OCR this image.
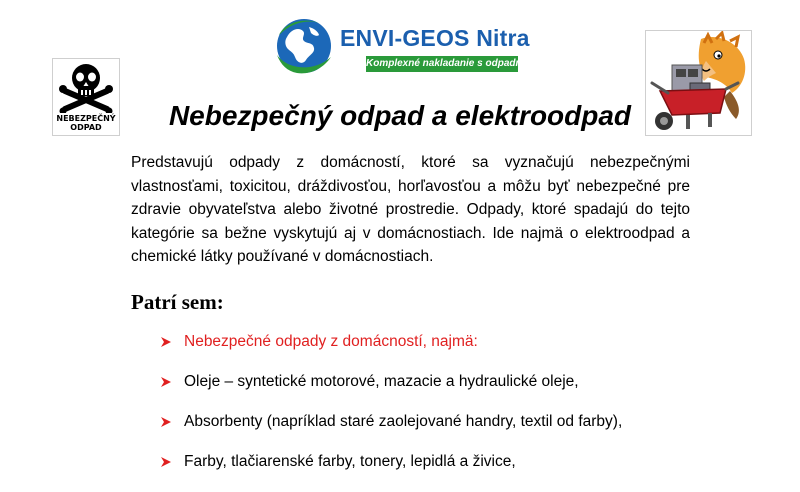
ENVI-GEOS Nitra
Komplexné nakladanie s odpadmi
NEBEZPEČNÝ
ODPAD	Nebezpečný odpad a elektroodpad
Predstavujú odpady z domácností, ktoré sa vyznačujú nebezpečnými vlastnosťami, toxicitou, dráždivosťou, horľavosťou a môžu byť nebezpečné pre zdravie obyvateľstva alebo životné prostredie. Odpady, ktoré spadajú do tejto kategórie sa bežne vyskytujú aj v domácnostiach. Ide najmä o elektroodpad a chemické látky používané v domácnostiach.
Patrí sem:
Nebezpečné odpady z domácností, najmä:
Oleje – syntetické motorové, mazacie a hydraulické oleje,
Absorbenty (napríklad staré zaolejované handry, textil od farby),
Farby, tlačiarenské farby, tonery, lepidlá a živice,
